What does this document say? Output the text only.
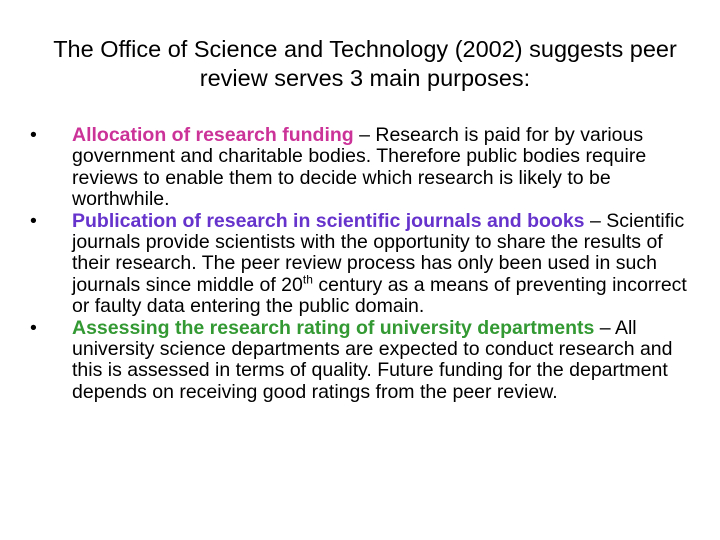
The Office of Science and Technology (2002) suggests peer review serves 3 main purposes:
•	Allocation of research funding – Research is paid for by various government and charitable bodies. Therefore public bodies require reviews to enable them to decide which research is likely to be worthwhile.
•	Publication of research in scientific journals and books – Scientific journals provide scientists with the opportunity to share the results of their research. The peer review process has only been used in such journals since middle of 20th century as a means of preventing incorrect or faulty data entering the public domain.
•	Assessing the research rating of university departments – All university science departments are expected to conduct research and this is assessed in terms of quality. Future funding for the department depends on receiving good ratings from the peer review.
